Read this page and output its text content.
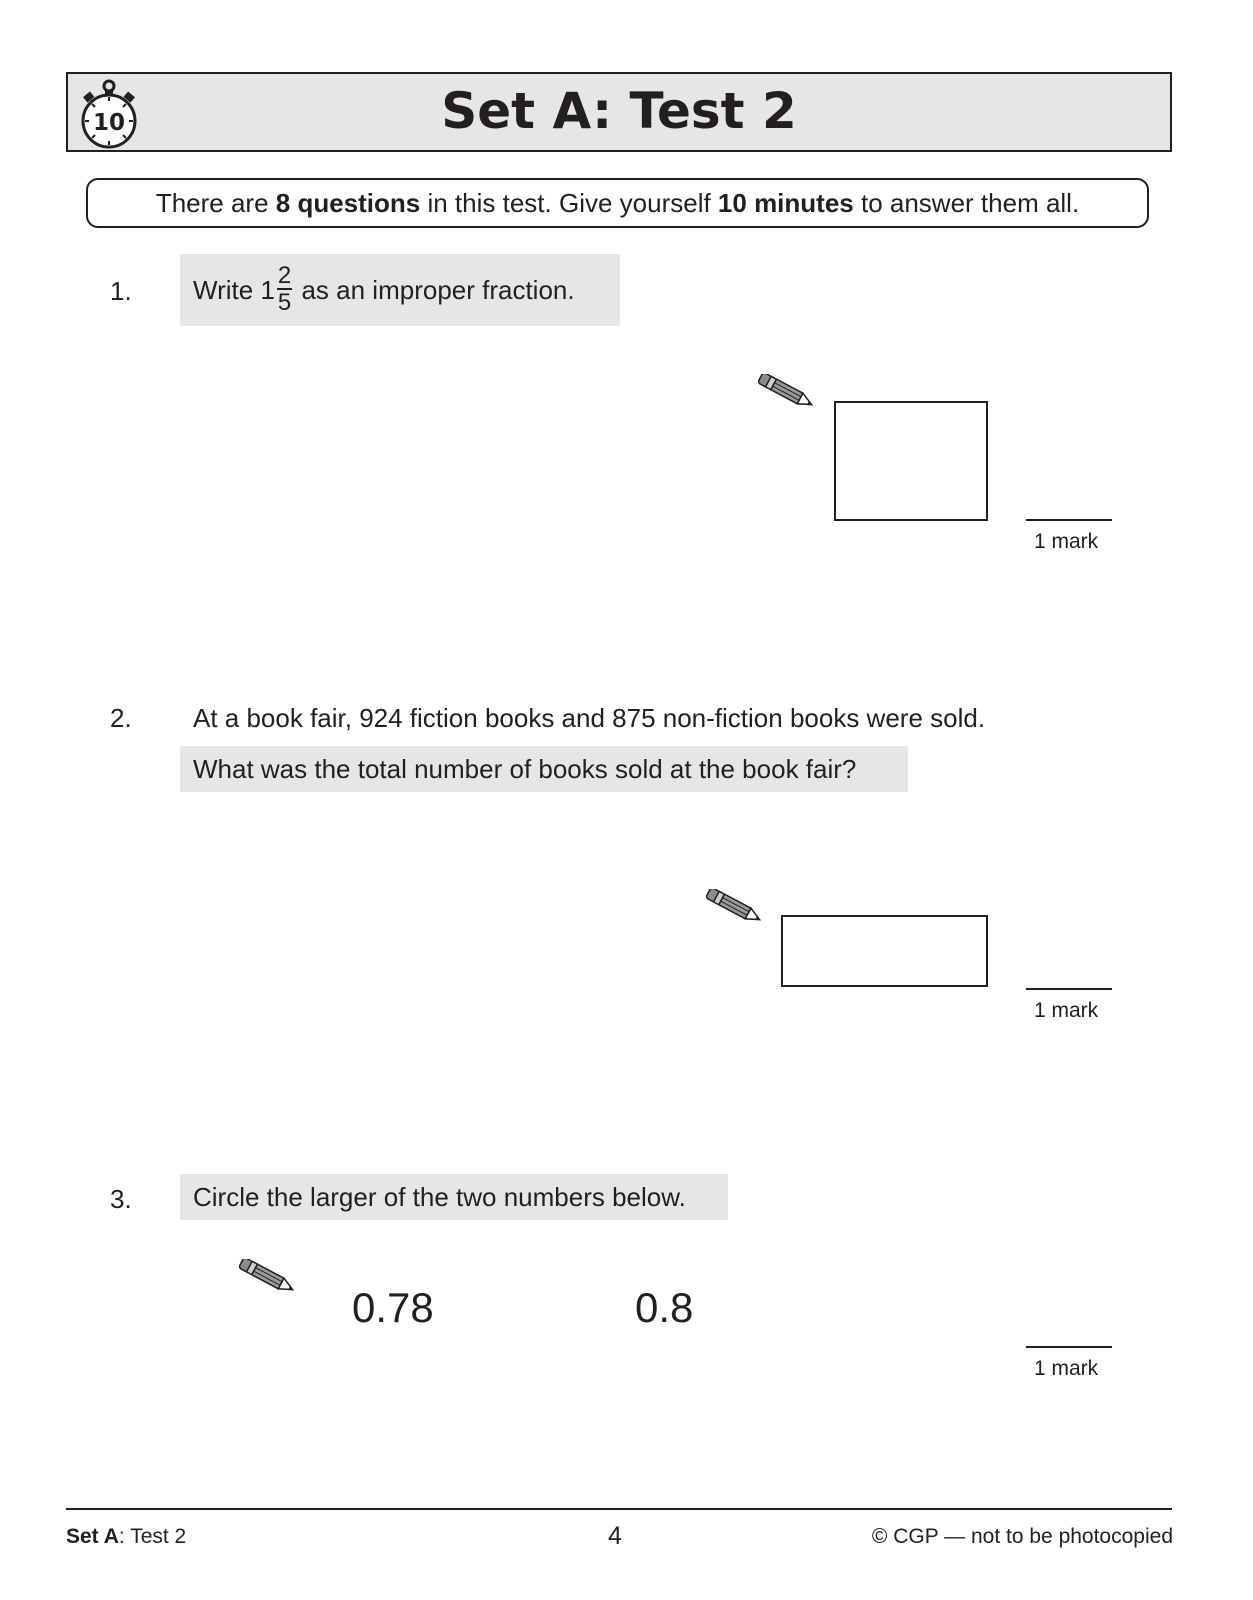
Set A: Test 2
10
There are 8 questions in this test. Give yourself 10 minutes to answer them all.
1.	Write $1 \frac{2}{5}$ as an improper fraction.
1 mark
2. At a book fair, 924 fiction books and 875 non-fiction books were sold.
What was the total number of books sold at the book fair?
1 mark
3.	Circle the larger of the two numbers below.
0.78	0.8
1 mark
Set A: Test 2	4	© CGP — not to be photocopied
